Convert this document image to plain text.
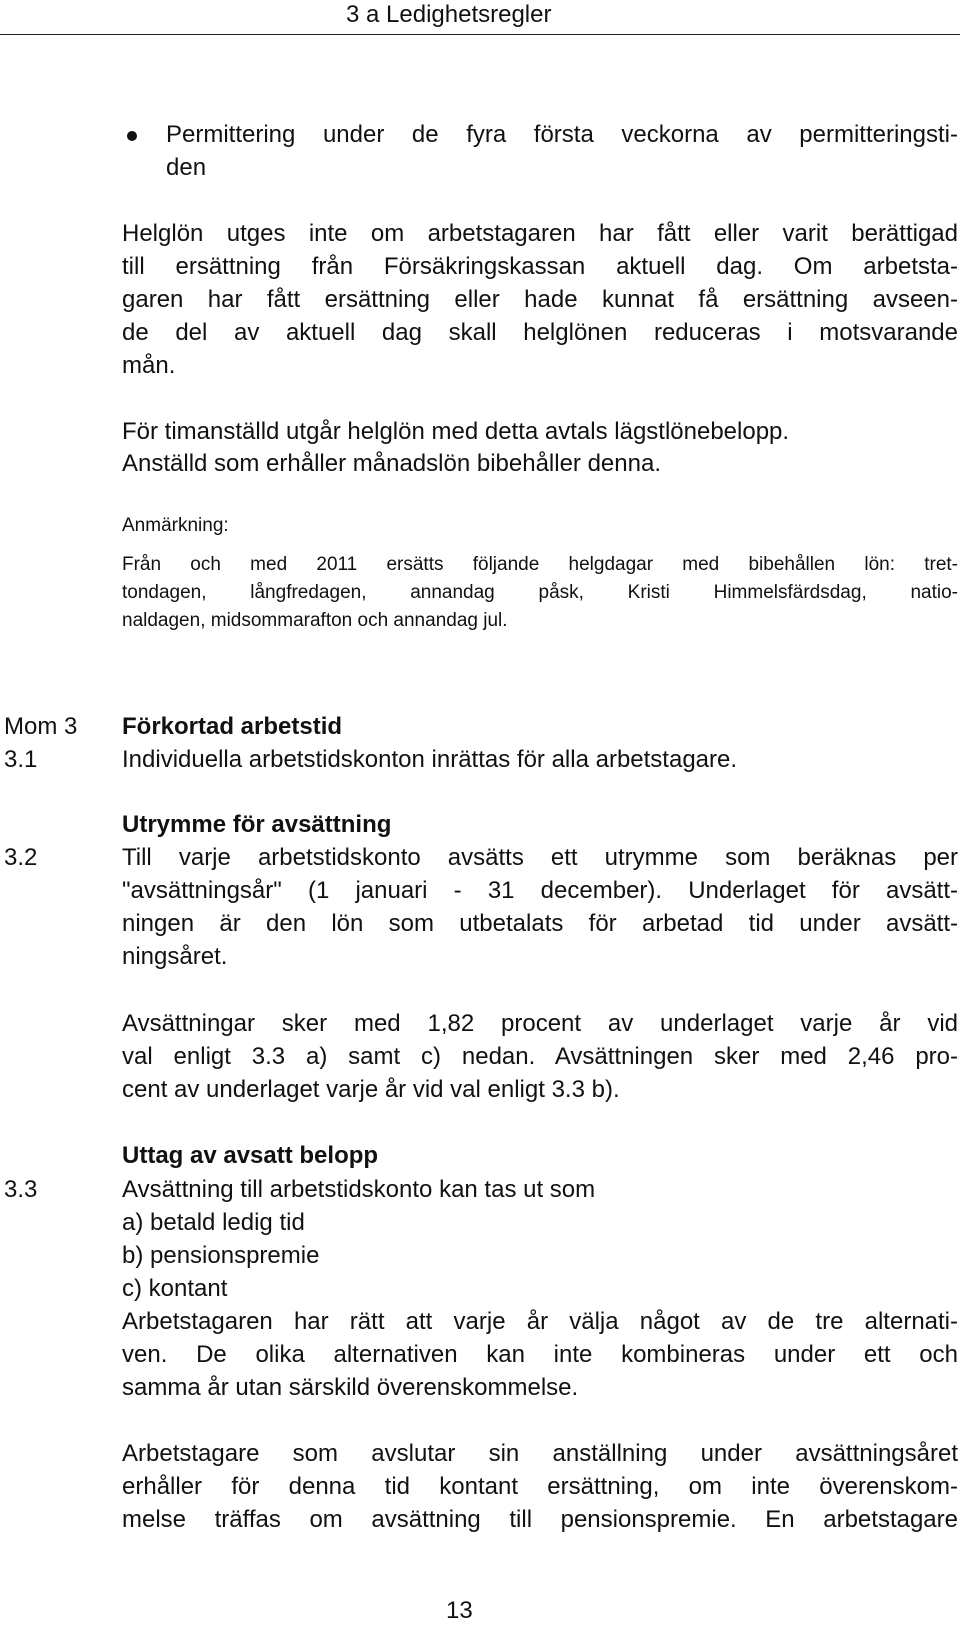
3 a Ledighetsregler
Permittering under de fyra första veckorna av permitteringsti-
den
Helglön utges inte om arbetstagaren har fått eller varit berättigad
till ersättning från Försäkringskassan aktuell dag. Om arbetsta-
garen har fått ersättning eller hade kunnat få ersättning avseen-
de del av aktuell dag skall helglönen reduceras i motsvarande
mån.
För timanställd utgår helglön med detta avtals lägstlönebelopp.
Anställd som erhåller månadslön bibehåller denna.
Anmärkning:
Från och med 2011 ersätts följande helgdagar med bibehållen lön: tret-
tondagen, långfredagen, annandag påsk, Kristi Himmelsfärdsdag, natio-
naldagen, midsommarafton och annandag jul.
Mom 3 Förkortad arbetstid
3.1	Individuella arbetstidskonton inrättas för alla arbetstagare.
Utrymme för avsättning
3.2	Till varje arbetstidskonto avsätts ett utrymme som beräknas per
"avsättningsår" (1 januari - 31 december). Underlaget för avsätt-
ningen är den lön som utbetalats för arbetad tid under avsätt-
ningsåret.
Avsättningar sker med 1,82 procent av underlaget varje år vid
val enligt 3.3 a) samt c) nedan. Avsättningen sker med 2,46 pro-
cent av underlaget varje år vid val enligt 3.3 b).
Uttag av avsatt belopp
3.3	Avsättning till arbetstidskonto kan tas ut som
a) betald ledig tid
b) pensionspremie
c) kontant
Arbetstagaren har rätt att varje år välja något av de tre alternati-
ven. De olika alternativen kan inte kombineras under ett och
samma år utan särskild överenskommelse.
Arbetstagare som avslutar sin anställning under avsättningsåret
erhåller för denna tid kontant ersättning, om inte överenskom-
melse träffas om avsättning till pensionspremie. En arbetstagare
13
